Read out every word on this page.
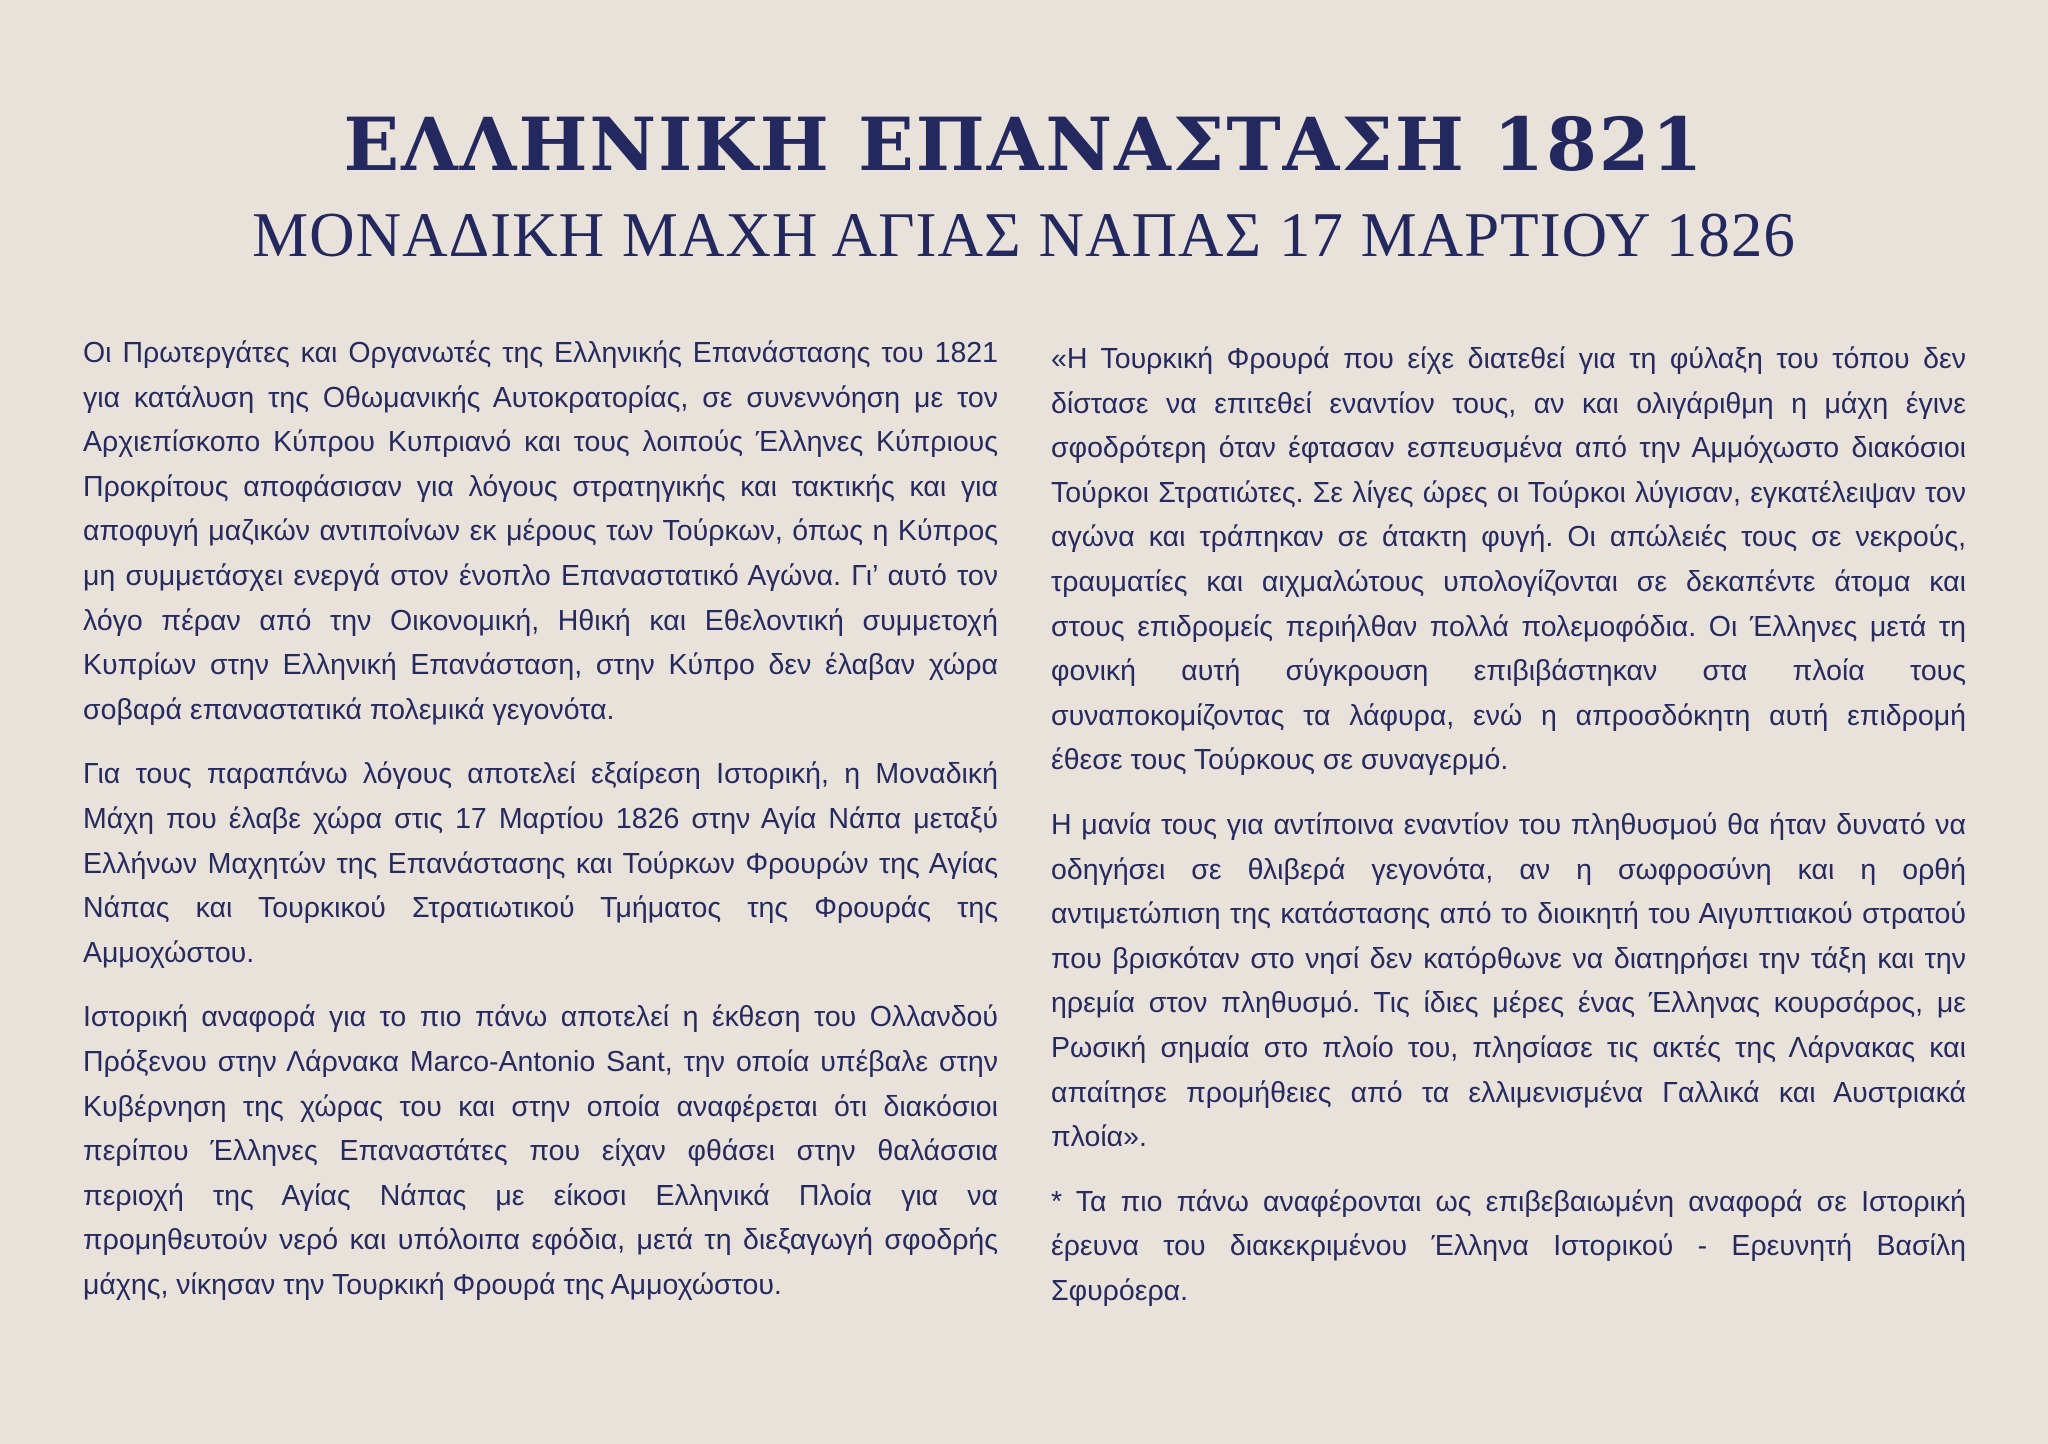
ΕΛΛΗΝΙΚΗ ΕΠΑΝΑΣΤΑΣΗ 1821
ΜΟΝΑΔΙΚΗ ΜΑΧΗ ΑΓΙΑΣ ΝΑΠΑΣ 17 ΜΑΡΤΙΟΥ 1826

Οι Πρωτεργάτες και Οργανωτές της Ελληνικής Επανάστασης του 1821 για κατάλυση της Οθωμανικής Αυτοκρατορίας, σε συνεννόηση με τον Αρχιεπίσκοπο Κύπρου Κυπριανό και τους λοιπούς Έλληνες Κύπριους Προκρίτους αποφάσισαν για λόγους στρατηγικής και τακτικής και για αποφυγή μαζικών αντιποίνων εκ μέρους των Τούρκων, όπως η Κύπρος μη συμμετάσχει ενεργά στον ένοπλο Επαναστατικό Αγώνα. Γι’ αυτό τον λόγο πέραν από την Οικονομική, Ηθική και Εθελοντική συμμετοχή Κυπρίων στην Ελληνική Επανάσταση, στην Κύπρο δεν έλαβαν χώρα σοβαρά επαναστατικά πολεμικά γεγονότα.

Για τους παραπάνω λόγους αποτελεί εξαίρεση Ιστορική, η Μοναδική Μάχη που έλαβε χώρα στις 17 Μαρτίου 1826 στην Αγία Νάπα μεταξύ Ελλήνων Μαχητών της Επανάστασης και Τούρκων Φρουρών της Αγίας Νάπας και Τουρκικού Στρατιωτικού Τμήματος της Φρουράς της Αμμοχώστου.

Ιστορική αναφορά για το πιο πάνω αποτελεί η έκθεση του Ολλανδού Πρόξενου στην Λάρνακα Marco-Antonio Sant, την οποία υπέβαλε στην Κυβέρνηση της χώρας του και στην οποία αναφέρεται ότι διακόσιοι περίπου Έλληνες Επαναστάτες που είχαν φθάσει στην θαλάσσια περιοχή της Αγίας Νάπας με είκοσι Ελληνικά Πλοία για να προμηθευτούν νερό και υπόλοιπα εφόδια, μετά τη διεξαγωγή σφοδρής μάχης, νίκησαν την Τουρκική Φρουρά της Αμμοχώστου.

«Η Τουρκική Φρουρά που είχε διατεθεί για τη φύλαξη του τόπου δεν δίστασε να επιτεθεί εναντίον τους, αν και ολιγάριθμη η μάχη έγινε σφοδρότερη όταν έφτασαν εσπευσμένα από την Αμμόχωστο διακόσιοι Τούρκοι Στρατιώτες. Σε λίγες ώρες οι Τούρκοι λύγισαν, εγκατέλειψαν τον αγώνα και τράπηκαν σε άτακτη φυγή. Οι απώλειές τους σε νεκρούς, τραυματίες και αιχμαλώτους υπολογίζονται σε δεκαπέντε άτομα και στους επιδρομείς περιήλθαν πολλά πολεμοφόδια. Οι Έλληνες μετά τη φονική αυτή σύγκρουση επιβιβάστηκαν στα πλοία τους συναποκομίζοντας τα λάφυρα, ενώ η απροσδόκητη αυτή επιδρομή έθεσε τους Τούρκους σε συναγερμό.

Η μανία τους για αντίποινα εναντίον του πληθυσμού θα ήταν δυνατό να οδηγήσει σε θλιβερά γεγονότα, αν η σωφροσύνη και η ορθή αντιμετώπιση της κατάστασης από το διοικητή του Αιγυπτιακού στρατού που βρισκόταν στο νησί δεν κατόρθωνε να διατηρήσει την τάξη και την ηρεμία στον πληθυσμό. Τις ίδιες μέρες ένας Έλληνας κουρσάρος, με Ρωσική σημαία στο πλοίο του, πλησίασε τις ακτές της Λάρνακας και απαίτησε προμήθειες από τα ελλιμενισμένα Γαλλικά και Αυστριακά πλοία».

* Τα πιο πάνω αναφέρονται ως επιβεβαιωμένη αναφορά σε Ιστορική έρευνα του διακεκριμένου Έλληνα Ιστορικού - Ερευνητή Βασίλη Σφυρόερα.
